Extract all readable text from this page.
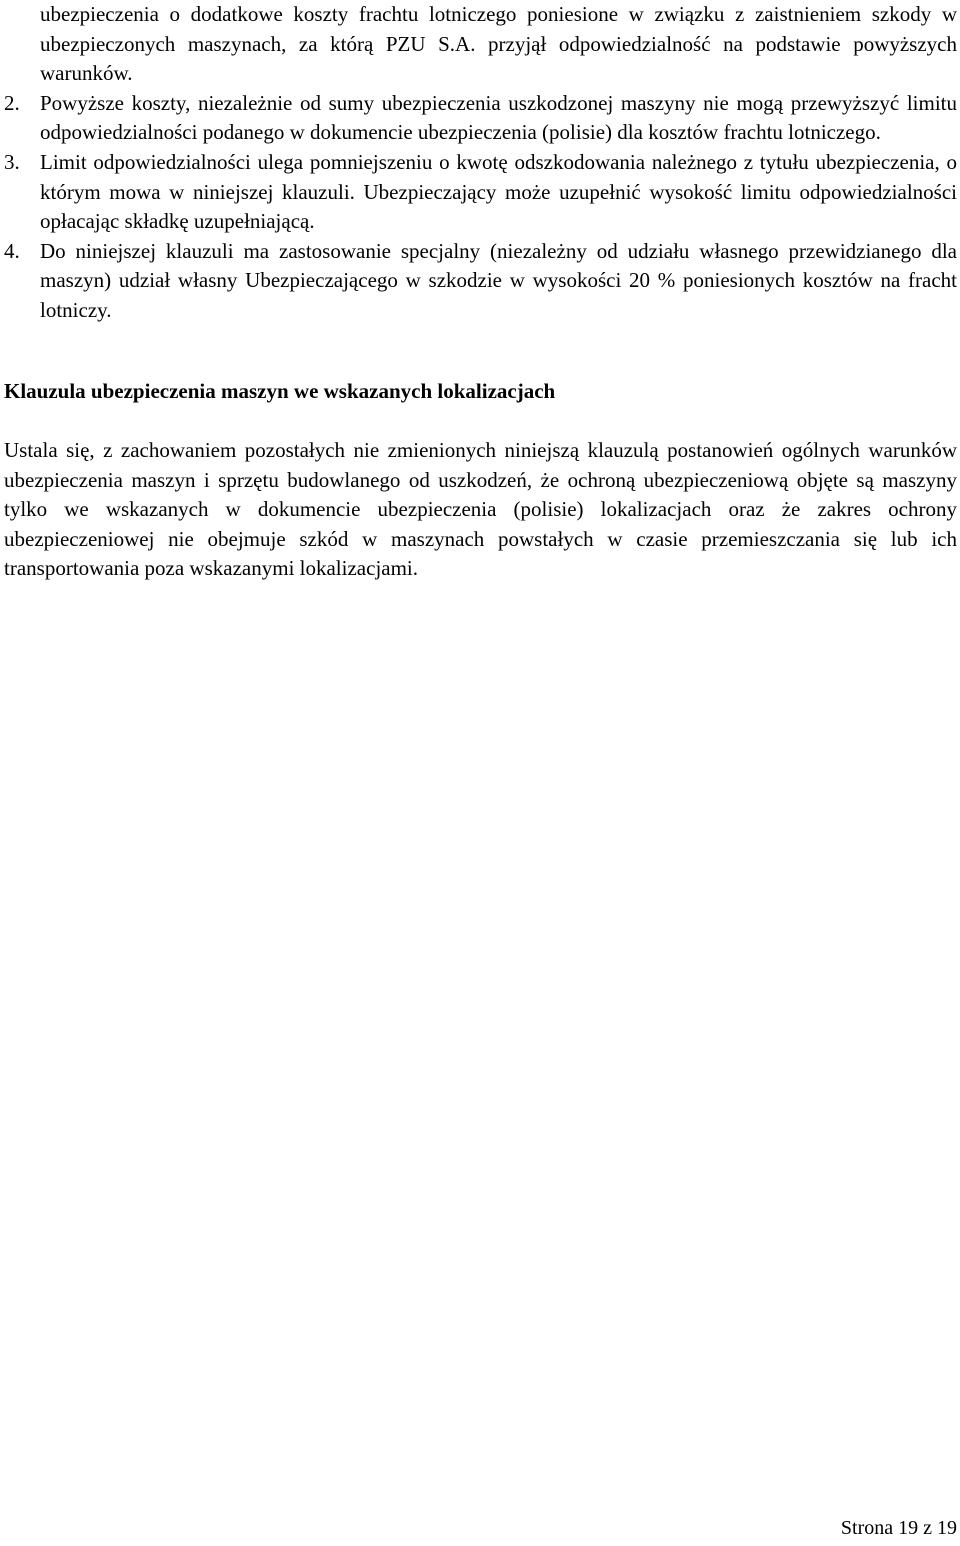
ubezpieczenia o dodatkowe koszty frachtu lotniczego poniesione w związku z zaistnieniem szkody w ubezpieczonych maszynach, za którą PZU S.A. przyjął odpowiedzialność na podstawie powyższych warunków.
2. Powyższe koszty, niezależnie od sumy ubezpieczenia uszkodzonej maszyny nie mogą przewyższyć limitu odpowiedzialności podanego w dokumencie ubezpieczenia (polisie) dla kosztów frachtu lotniczego.
3. Limit odpowiedzialności ulega pomniejszeniu o kwotę odszkodowania należnego z tytułu ubezpieczenia, o którym mowa w niniejszej klauzuli. Ubezpieczający może uzupełnić wysokość limitu odpowiedzialności opłacając składkę uzupełniającą.
4. Do niniejszej klauzuli ma zastosowanie specjalny (niezależny od udziału własnego przewidzianego dla maszyn) udział własny Ubezpieczającego w szkodzie w wysokości 20 % poniesionych kosztów na fracht lotniczy.
Klauzula ubezpieczenia maszyn we wskazanych lokalizacjach

Ustala się, z zachowaniem pozostałych nie zmienionych niniejszą klauzulą postanowień ogólnych warunków ubezpieczenia maszyn i sprzętu budowlanego od uszkodzeń, że ochroną ubezpieczeniową objęte są maszyny tylko we wskazanych w dokumencie ubezpieczenia (polisie) lokalizacjach oraz że zakres ochrony ubezpieczeniowej nie obejmuje szkód w maszynach powstałych w czasie przemieszczania się lub ich transportowania poza wskazanymi lokalizacjami.

Strona 19 z 19
